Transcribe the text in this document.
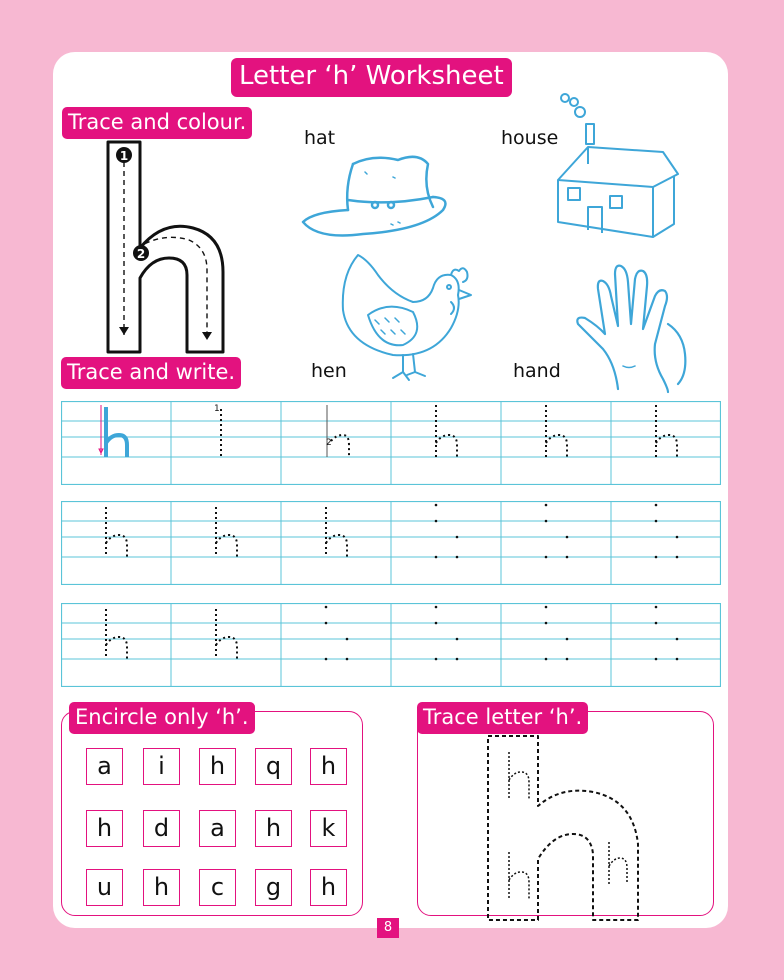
Letter ‘h’ Worksheet
Trace and colour.
1
2
hat	house
hen	hand
Trace and write.
1
2
Encircle only ‘h’.
a	i	h	q	h
h	d	a	h	k
u	h	c	g	h
Trace letter ‘h’.
8
